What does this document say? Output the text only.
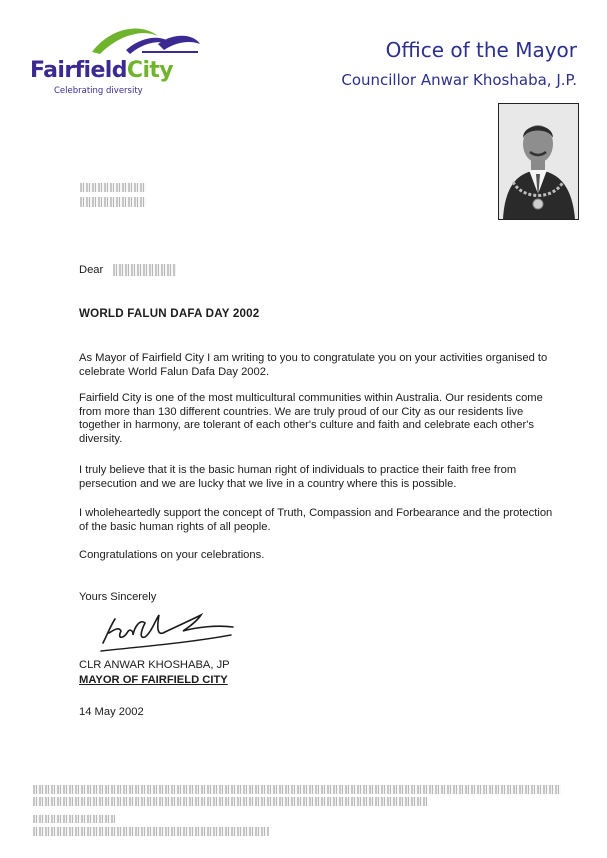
FairfieldCity
Celebrating diversity
Office of the Mayor
Councillor Anwar Khoshaba, J.P.
Dear
WORLD FALUN DAFA DAY 2002
As Mayor of Fairfield City I am writing to you to congratulate you on your activities organised to celebrate World Falun Dafa Day 2002.
Fairfield City is one of the most multicultural communities within Australia. Our residents come from more than 130 different countries. We are truly proud of our City as our residents live together in harmony, are tolerant of each other's culture and faith and celebrate each other's diversity.
I truly believe that it is the basic human right of individuals to practice their faith free from persecution and we are lucky that we live in a country where this is possible.
I wholeheartedly support the concept of Truth, Compassion and Forbearance and the protection of the basic human rights of all people.
Congratulations on your celebrations.
Yours Sincerely
CLR ANWAR KHOSHABA, JP
MAYOR OF FAIRFIELD CITY
14 May 2002
